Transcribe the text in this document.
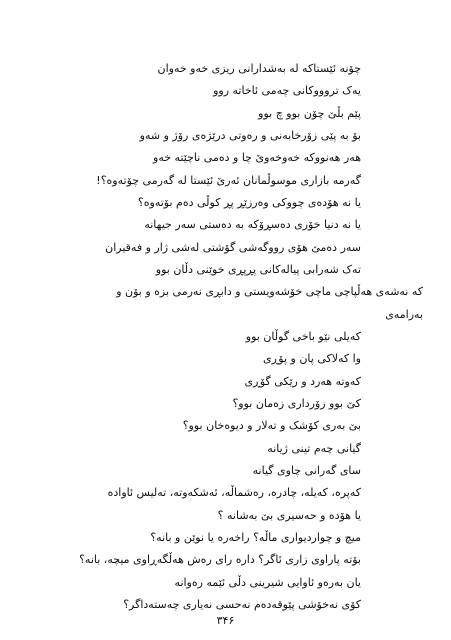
چۆنه ئێستاکه له بەشدارانی ریزی خەو خەوان
یەک تروووکانی چەمی ئاخاتە روو
پێم بڵێ چۆن بوو چ بوو
بۆ بە پێی زۆرخابەنی و رەوتی درێژەی رۆژ و شەو
هەر هەنووکە خەوخەوێ چا و دەمی ناچێتە خەو
گەرمە بازاری موسوڵمانان ئەرێ ئێستا لە گەرمی چۆتەوە؟!
یا نە هۆدەی چووکی وەرزێڕ پڕ کوڵی دەم بۆتەوە؟
یا نە دنیا خۆری دەسڕۆکە بە دەستی سەر جیهانە
سەر دەمێ هۆی رووگەشی گۆشتی لەشی ژار و فەقیران
تەک شەرابی پیالەکانی پڕپڕی خوێنی دڵان بوو
کە نەشەی هەڵپاچی ماچی خۆشەویستی و دابڕی نەرمی بزە و بۆن و
بەرامەی
کەیلی نێو باخی گوڵان بوو
وا کەلاکی پان و پۆڕی
کەوتە هەرد و رێکی گۆڕی
کێ بوو زۆرداری زەمان بوو؟
بێ بەری کۆشک و تەلار و دیوەخان بوو؟
گیانی چەم تینی ژیانە
سای گەرانی چاوی گیانە
کەپرە، کەیلە، چادرە، رەشماڵە، ئەشکەوتە، تەلیس ئاوادە
یا هۆدە و حەسیری بێ بەشانە ؟
میچ و چواردیواری ماڵە؟ راخەرە یا نوێن و بانە؟
بۆتە پاراوی زاری ئاگر؟ داره رای رەش هەڵگەڕاوی میچە، بانە؟
یان بەرەو ئاوایی شیرینی دڵی ئێمە رەوانە
کۆی نەخۆشی پێوقەدەم نەحسی نەیاری چەستەداگر؟
٣۴۶
